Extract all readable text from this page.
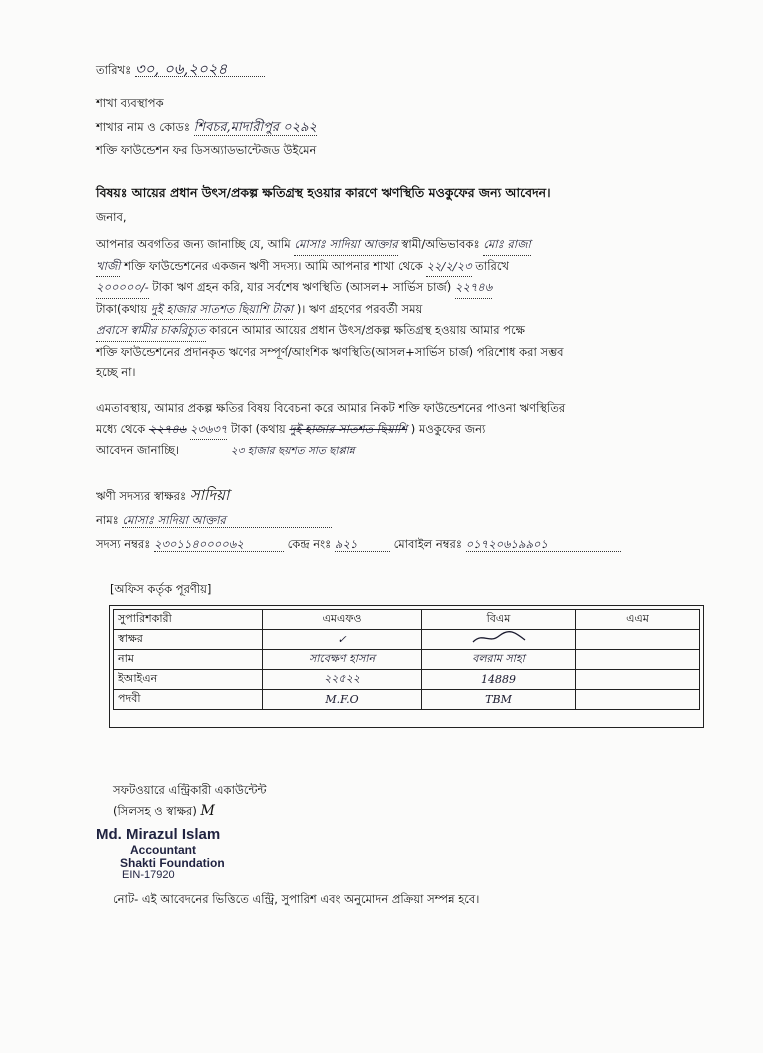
তারিখঃ ৩০, ০৬,২০২৪
শাখা ব্যবস্থাপক
শাখার নাম ও কোডঃ শিবচর,মাদারীপুর ০২৯২
শক্তি ফাউন্ডেশন ফর ডিসঅ্যাডভান্টেজড উইমেন
বিষয়ঃ আয়ের প্রধান উৎস/প্রকল্প ক্ষতিগ্রস্থ হওয়ার কারণে ঋণস্থিতি মওকুফের জন্য আবেদন।
জনাব,
আপনার অবগতির জন্য জানাচ্ছি যে, আমি মোসাঃ সাদিয়া আক্তার স্বামী/অভিভাবকঃ মোঃ রাজা
খাজী শক্তি ফাউন্ডেশনের একজন ঋণী সদস্য। আমি আপনার শাখা থেকে ২২/২/২৩ তারিখে
২০০০০০/- টাকা ঋণ গ্রহন করি, যার সর্বশেষ ঋণস্থিতি (আসল+ সার্ভিস চার্জ) ২২৭৪৬
টাকা(কথায় দুই হাজার সাতশত ছিয়াশি টাকা )। ঋণ গ্রহণের পরবর্তী সময়
প্রবাসে স্বামীর চাকরিচ্যুত কারনে আমার আয়ের প্রধান উৎস/প্রকল্প ক্ষতিগ্রস্থ হওয়ায় আমার পক্ষে
শক্তি ফাউন্ডেশনের প্রদানকৃত ঋণের সম্পূর্ণ/আংশিক ঋণস্থিতি(আসল+সার্ভিস চার্জ) পরিশোধ করা সম্ভব
হচ্ছে না।
এমতাবস্থায়, আমার প্রকল্প ক্ষতির বিষয় বিবেচনা করে আমার নিকট শক্তি ফাউন্ডেশনের পাওনা ঋণস্থিতির
মধ্যে থেকে ২২৭৪৬ ২৩৬৩৭ টাকা (কথায় দুই হাজার সাতশত ছিয়াশি ) মওকুফের জন্য
আবেদন জানাচ্ছি।	২৩ হাজার ছয়শত সাত ছাপ্পান্ন
ঋণী সদস্যর স্বাক্ষরঃ সাদিয়া
নামঃ মোসাঃ সাদিয়া আক্তার
সদস্য নম্বরঃ ২৩০১১৪০০০০৬২	কেন্দ্র নংঃ ৯২১	মোবাইল নম্বরঃ ০১৭২০৬১৯৯০১
[অফিস কর্তৃক পূরণীয়]
সুপারিশকারী	এমএফও	বিএম	এএম
স্বাক্ষর	✓		
নাম	সাবেক্ষণ হাসান	বলরাম সাহা	
ইআইএন	২২৫২২	14889	
পদবী	M.F.O	TBM	
সফটওয়ারে এন্ট্রিকারী একাউন্টেন্ট
(সিলসহ ও স্বাক্ষর) M
Md. Mirazul Islam
Accountant
Shakti Foundation
EIN-17920
নোট- এই আবেদনের ভিত্তিতে এন্ট্রি, সুপারিশ এবং অনুমোদন প্রক্রিয়া সম্পন্ন হবে।
